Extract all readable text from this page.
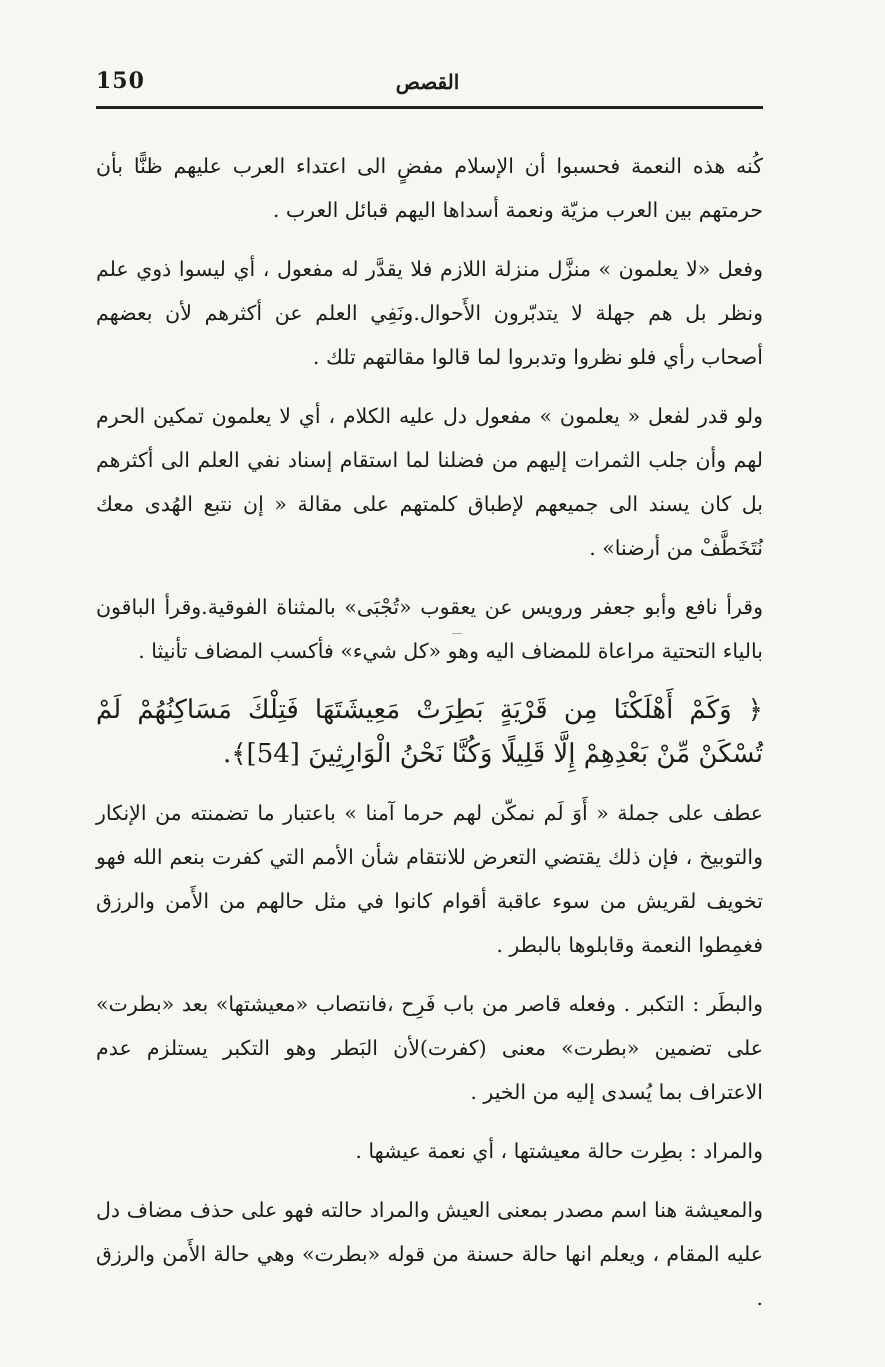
150	القصص

كُنه هذه النعمة فحسبوا أن الإسلام مفضٍ الى اعتداء العرب عليهم ظنًّا بأن حرمتهم بين العرب مزيّة ونعمة أسداها اليهم قبائل العرب .

وفعل «لا يعلمون » منزَّل منزلة اللازم فلا يقدَّر له مفعول ، أي ليسوا ذوي علم ونظر بل هم جهلة لا يتدبّرون الأَحوال.ونَفِي العلم عن أكثرهم لأن بعضهم أصحاب رأي فلو نظروا وتدبروا لما قالوا مقالتهم تلك .

ولو قدر لفعل « يعلمون » مفعول دل عليه الكلام ، أي لا يعلمون تمكين الحرم لهم وأن جلب الثمرات إليهم من فضلنا لما استقام إسناد نفي العلم الى أكثرهم بل كان يسند الى جميعهم لإطباق كلمتهم على مقالة « إن نتبع الهُدى معك نُتَخَطَّفْ من أرضنا» .

وقرأ نافع وأبو جعفر ورويس عن يعقوب «تُجْبَى» بالمثناة الفوقية.وقرأ الباقون بالياء التحتية مراعاة للمضاف اليه وهو «كل شيء» فأكسب المضاف تأنيثا .

﴿ وَكَمْ أَهْلَكْنَا مِن قَرْيَةٍ بَطِرَتْ مَعِيشَتَهَا فَتِلْكَ مَسَاكِنُهُمْ لَمْ تُسْكَنْ مِّنْ بَعْدِهِمْ إِلَّا قَلِيلًا وَكُنَّا نَحْنُ الْوَارِثِينَ [54]﴾.

عطف على جملة « أَوَ لَم نمكّن لهم حرما آمنا » باعتبار ما تضمنته من الإنكار والتوبيخ ، فإن ذلك يقتضي التعرض للانتقام شأن الأمم التي كفرت بنعم الله فهو تخويف لقريش من سوء عاقبة أقوام كانوا في مثل حالهم من الأَمن والرزق فغمِطوا النعمة وقابلوها بالبطر .

والبطَر : التكبر . وفعله قاصر من باب فَرِح ،فانتصاب «معيشتها» بعد «بطرت» على تضمين «بطرت» معنى (كفرت)لأن البَطر وهو التكبر يستلزم عدم الاعتراف بما يُسدى إليه من الخير .

والمراد : بطِرت حالة معيشتها ، أي نعمة عيشها .

والمعيشة هنا اسم مصدر بمعنى العيش والمراد حالته فهو على حذف مضاف دل عليه المقام ، ويعلم انها حالة حسنة من قوله «بطرت» وهي حالة الأَمن والرزق .
